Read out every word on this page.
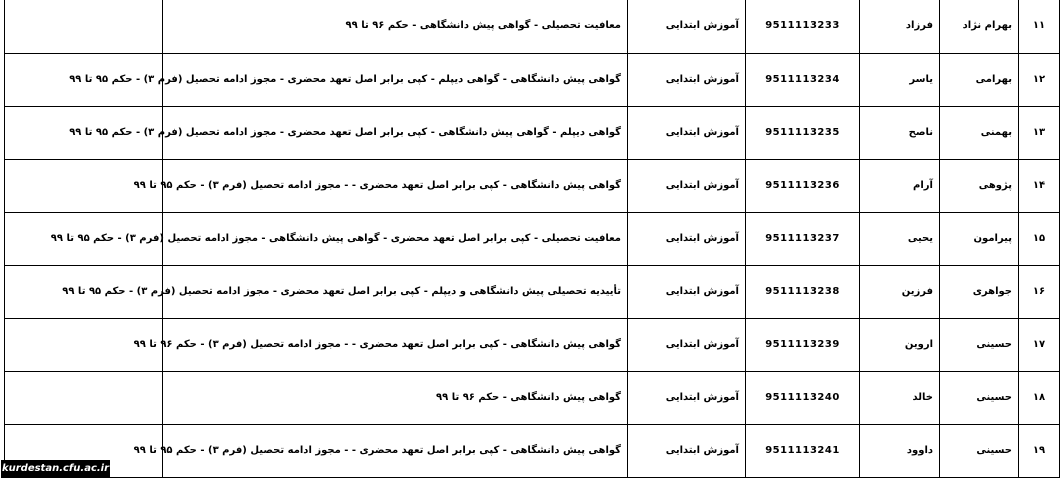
۱۱	بهرام نژاد	فرزاد	9511113233	آموزش ابتدایی	معافیت تحصیلی - گواهی پیش دانشگاهی - حکم ۹۶ تا ۹۹	
۱۲	بهرامی	یاسر	9511113234	آموزش ابتدایی	گواهی پیش دانشگاهی - گواهی دیپلم - کپی برابر اصل تعهد محضری - مجوز ادامه تحصیل (فرم ۳) - حکم ۹۵ تا ۹۹	
۱۳	بهمنی	ناصح	9511113235	آموزش ابتدایی	گواهی دیپلم - گواهی پیش دانشگاهی - کپی برابر اصل تعهد محضری - مجوز ادامه تحصیل (فرم ۳) - حکم ۹۵ تا ۹۹	
۱۴	پژوهی	آرام	9511113236	آموزش ابتدایی	گواهی پیش دانشگاهی - کپی برابر اصل تعهد محضری - - مجوز ادامه تحصیل (فرم ۳) - حکم ۹۵ تا ۹۹	
۱۵	پیرامون	یحیی	9511113237	آموزش ابتدایی	معافیت تحصیلی - کپی برابر اصل تعهد محضری - گواهی پیش دانشگاهی - مجوز ادامه تحصیل (فرم ۳) - حکم ۹۵ تا ۹۹	
۱۶	جواهری	فرزین	9511113238	آموزش ابتدایی	تأییدیه تحصیلی پیش دانشگاهی و دیپلم - کپی برابر اصل تعهد محضری - مجوز ادامه تحصیل (فرم ۳) - حکم ۹۵ تا ۹۹	
۱۷	حسینی	اروین	9511113239	آموزش ابتدایی	گواهی پیش دانشگاهی - کپی برابر اصل تعهد محضری - - مجوز ادامه تحصیل (فرم ۳) - حکم ۹۶ تا ۹۹	
۱۸	حسینی	خالد	9511113240	آموزش ابتدایی	گواهی پیش دانشگاهی - حکم ۹۶ تا ۹۹	
۱۹	حسینی	داوود	9511113241	آموزش ابتدایی	گواهی پیش دانشگاهی - کپی برابر اصل تعهد محضری - - مجوز ادامه تحصیل (فرم ۳) - حکم ۹۵ تا ۹۹	
kurdestan.cfu.ac.ir
